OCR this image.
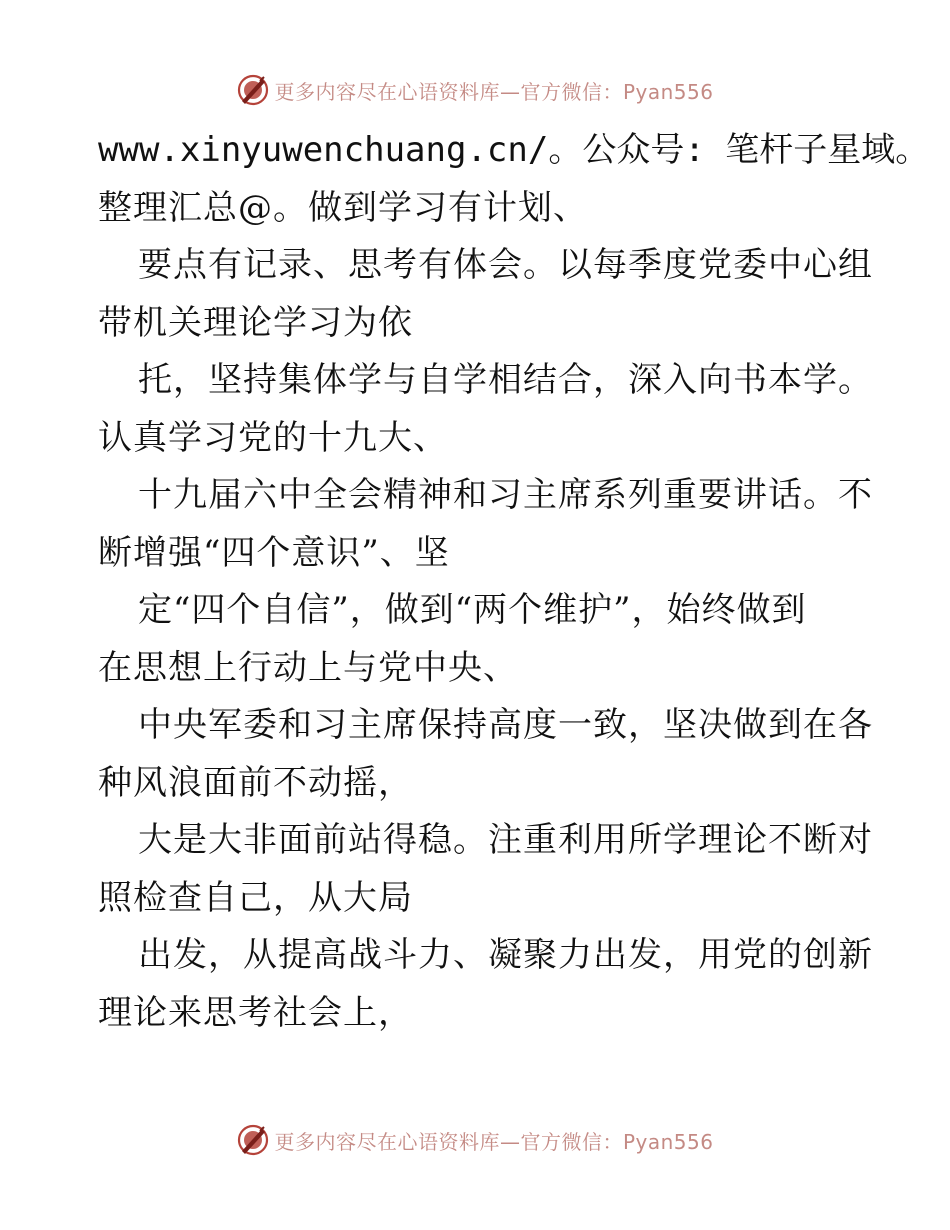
更多内容尽在心语资料库—官方微信：Pyan556
www.xinyuwenchuang.cn/。公众号: 笔杆子星域。
整理汇总@。做到学习有计划、
要点有记录、思考有体会。以每季度党委中心组
带机关理论学习为依
托，坚持集体学与自学相结合，深入向书本学。
认真学习党的十九大、
十九届六中全会精神和习主席系列重要讲话。不
断增强“四个意识”、坚
定“四个自信”，做到“两个维护”，始终做到
在思想上行动上与党中央、
中央军委和习主席保持高度一致，坚决做到在各
种风浪面前不动摇，
大是大非面前站得稳。注重利用所学理论不断对
照检查自己，从大局
出发，从提高战斗力、凝聚力出发，用党的创新
理论来思考社会上，
更多内容尽在心语资料库—官方微信：Pyan556
